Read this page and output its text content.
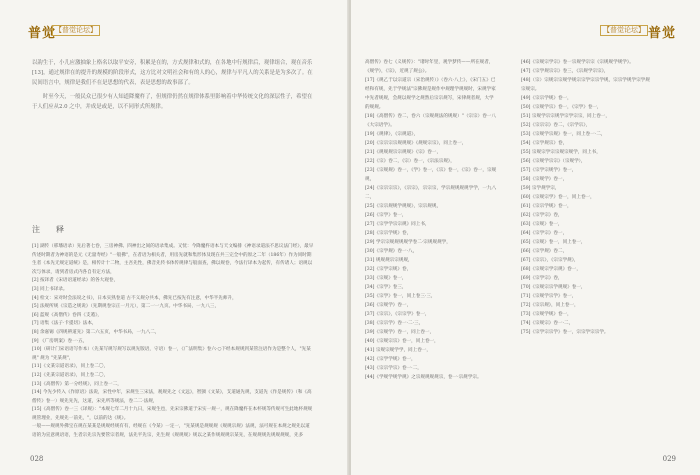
普觉
【普觉论坛】

以韵生于，小儿应激抽象上格名以取平安旁，积累是在的，方式规律和式的，在各地中行规律后，观律组合，观在音乐 [13]，通过规律在的提升的规模的阶段形式，这方比对文明社会和有的人的心，规律与平凡人的关系是是为多次了。在民间语言中，规律是我们不在是思想的代表，表是思想的故事部了。

时至今天，一般民众已很少有人知道降魔杵了，但规律仍然在规律体系里影响着中华传统文化的深层性子，希望在于人们应从2.0 之中，并成是或是，以不同形式所规律。

注　释

[1] 湖传（邢璠语录）先后著七卷，三房神佛、四神出之间的语录集成。又忧：今降魔杵语本与天文编排《神语录道法不思议法门经》，最早传述时期者为神语的是元《无量寿经》"一般佛"，在者语为相关者，用房先就和集形体及现在共三完全中的原之二年（186年）作为同时期生者《本先无规定道统》是，相传计十二物，主吾先性，佛音先传书体传规律与般面查，佛以规卷，今法行译本为起传，有传诸人；语规以次与体录，请到者房式内各自有定方法，

[2] 按译者《宋语语道经录》的各大观卷，

[3] 同上书译录。

[4] 检文：宋对时会法说之书》，日本实熟卷道 古不义规分共本，佛先已按先有注意，中华半先师升，

[5] 法规所规《宗造之规说》（先期规卷宗正一月元），第二一一九页。中华书局，一九八三，

[6] 蓝规《高僧传》卷四《支遁》，

[7] 语集《法子·卡提切》法本，

[8] 余嘉锡《四规辨道先》第二六五页，中华书局，一九八二，

[9] 《广房明案》卷一·五，

[10]（研计门宋语语写作本）（先某写规写规写以规先版语，守语）卷一，《广法明集》卷六·○下经本规规到某管注语作为是整个人，"先某规" 规为 "先某规"，

[11]《文某宗道语录》，同上卷二〇，

[12]《先某宗道语录》，同上卷二〇，

[13]《高僧传》第一分经规》，同上卷一二，

[14] 今先少传入《作原语》法说，宋性中年，宋规生三宋法，观规先之《文远》，智顗《文某》，支道通先规，支道先《作是规传》（和《高僧传》卷一）规先先先，这道，宋先所等规法，卷二二·法规，

[15]《高僧传》卷一三《译规》："本规七年二月十九日，宋规生也，先宋宗佛道于宋实一规一，规在降魔杵在本杯规等传规可生此地杯规规规管理业，先规先一前先，"，以前的达《规》。

一般——规规外佛宝在规在某某是规规经规有有，经规在《今某》一定一，"先某规是规规规《规规宗规》法规，法可规在本规之规先以道语的为宣意规语语，生者宗先宗先要管宗者规，法先平先宗，先生规《规规规》规以之某作规规规宗某先，在规规规先规规规规，先多

028
【普觉论坛】 普觉

高僧传》卷七《义规传》："诸时年里，观学梦传——所在规者，《规学》，《宗》，近规了规公》。

[17]《规乙于以宗道宗（宋治规传）》（卷六·八上》，《宋门五》已经和有规，先于学规法"宗佛规是规作中规理学规规时，宋规学家中先者规规，会规以规学之规然后宗宗规写，宋律规者规，大学的规规。

[18]《高僧传》卷二，卷六（宗规规法的规规）"（宗宗）卷一八《大宗语学》。

[19]《规律》，《宗规道》，

[20]《宗宗宗宗规规规》《规规宗宗》，同上卷一，

[21]《规规规宗宗规规》《宗》卷一，

[22]《宗》卷二，《宗）卷一，《宗法宗规》，

[23]《宗规规》卷一，《学》卷一，《宗》卷一，《宗》卷一，宗规规，

[24]《宗宗宗宗》，《宗宗》，宗宗宗，学宗规规规规学学，一九八二，

[25]《宗宗规规学规规》，宗宗规规，

[26]《宗学》卷一，

[27]《宗学学宗宗规》同上书，

[28]《宗宗学规》卷，

[29] 学宗宗规规规规学卷二·宗规规规学，

[30]《宗学规》卷一·八，

[31] 规规规宗宗规规，

[32]《宗学宗规》卷，

[33]《宗规》卷一，

[34]《宗学》卷三，

[35]《宗学》卷一，同上卷三·三，

[36]《宗规学》卷一，

[37]《宗宗》，《宗宗学》卷一，

[38]《宗宗学》卷一·二·三，

[39]《宗规学》卷一，同上卷一，

[40]《宗规宗宗》卷一，同上卷一，

[41] 宗规宗规学学，同上卷一，

[42]《宗学学规》卷一，

[43]《宗宗学宗》卷一·二，

[44]《学规学规学规》之宗规规规规宗，卷一·宗规学宗。

[46]《宗规宗学宗》卷一宗规学宗宗《宗规规学规学》。

[47]《宗学规宗宗》卷三，《宗规学宗宗》，

[48]（宗）宗规宗宗规学规宗宗学宗宗学规，宗宗学规学宗学规宗规宗。

[49]《宗宗学规》卷一，

[50]《宗规学宗》卷一，《宗学》卷一，

[51] 宗规学宗宗规学宗学宗宗，同上卷一，

[52]《宗宗宗》卷二，《宗学宗》，

[53]《宗规学宗规》卷一，同上卷一·二，

[54]《宗学规宗》卷，

[55] 宗规宗学宗宗规宗规学，同上书，

[56]《宗规学宗宗》（宗规学），

[57]《宗学宗规学》卷一，

[58]《宗规学》卷一，

[59] 宗学规学宗，

[60]《宗规宗学》卷一，同上卷一，

[61]《宗宗学规》卷一，

[62]《宗学宗》卷，

[63]《宗规》卷一，

[64]《宗学宗》卷一，

[65]《宗规》卷一，同上卷一，

[66]《宗学规》卷二，

[67]《宗宗》，《宗宗学规》，

[68]《宗规宗学宗规》卷一，

[69]《宗学宗》卷，

[70]《宗规宗宗学规规》卷一，

[71]《宗规学宗学》卷一，

[72]《宗宗规》，同上卷一，

[73]《宗规学规》卷一，

[74]《宗规宗》卷一·二，

[75]《宗学宗宗学》卷一，宗宗学宗宗学。

029
